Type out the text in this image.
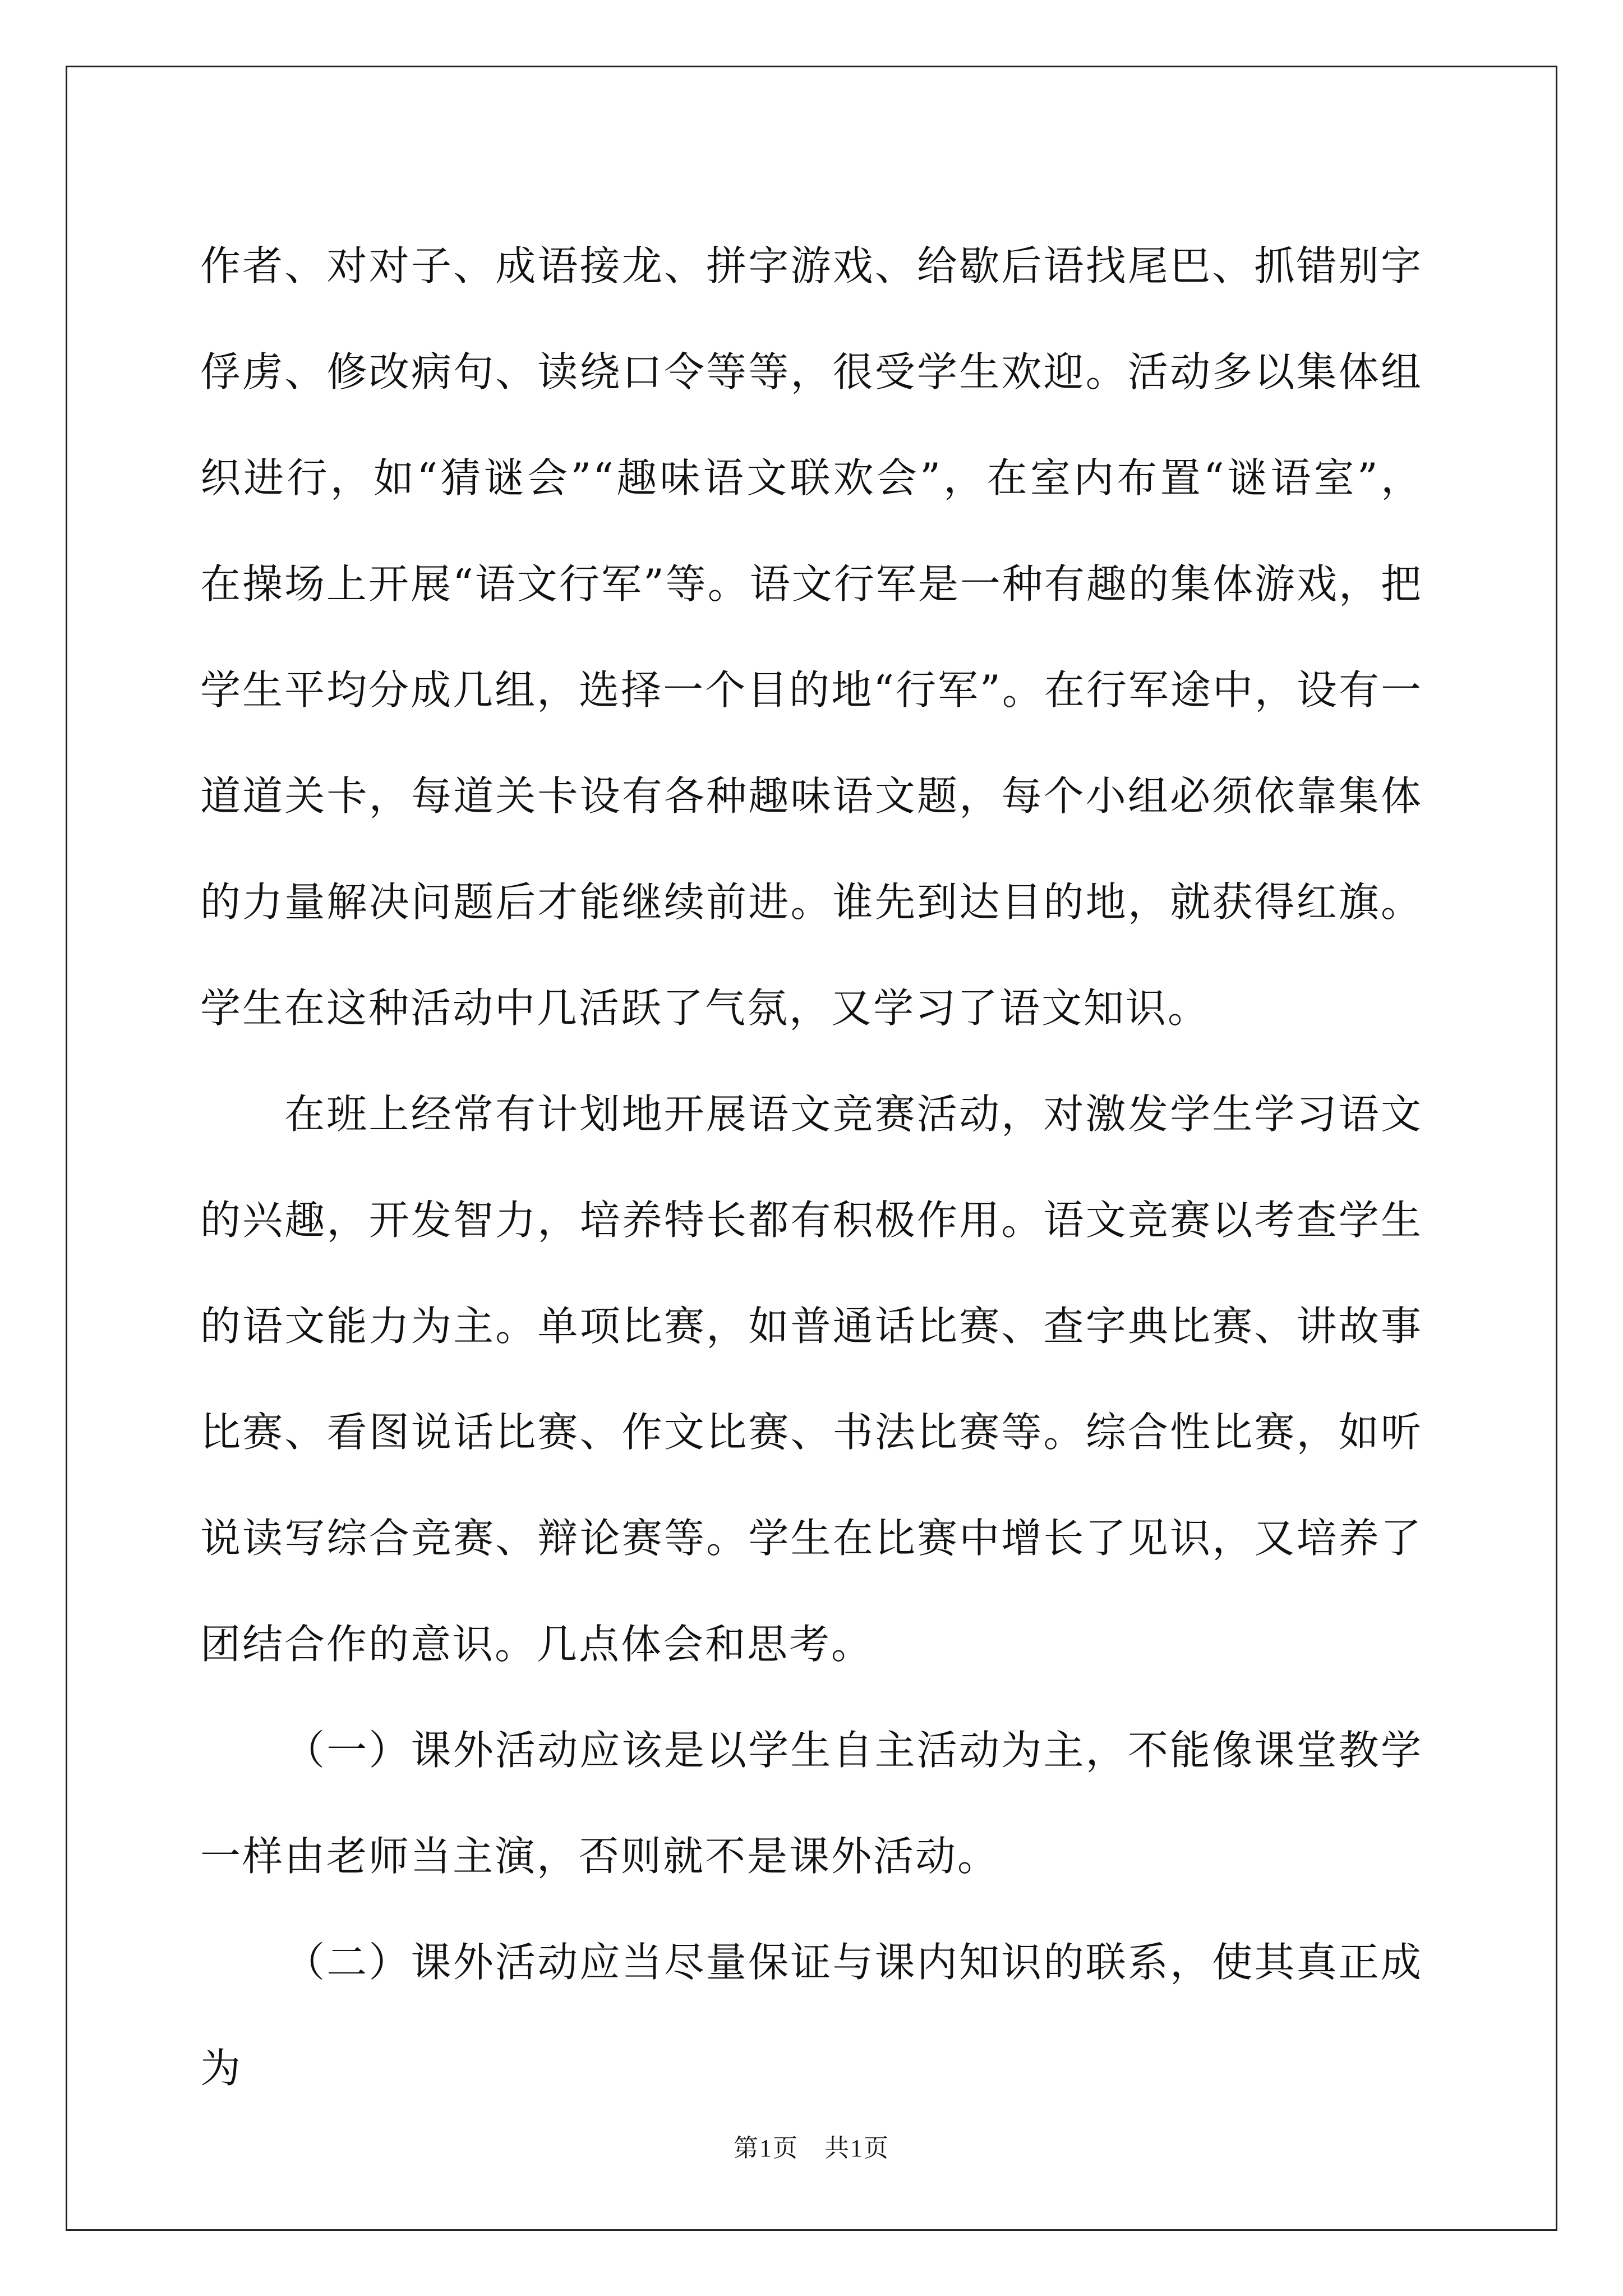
作者、对对子、成语接龙、拼字游戏、给歇后语找尾巴、抓错别字俘虏、修改病句、读绕口令等等，很受学生欢迎。活动多以集体组织进行，如“猜谜会”“趣味语文联欢会”，在室内布置“谜语室”，在操场上开展“语文行军”等。语文行军是一种有趣的集体游戏，把学生平均分成几组，选择一个目的地“行军”。在行军途中，设有一道道关卡，每道关卡设有各种趣味语文题，每个小组必须依靠集体的力量解决问题后才能继续前进。谁先到达目的地，就获得红旗。学生在这种活动中几活跃了气氛，又学习了语文知识。

在班上经常有计划地开展语文竞赛活动，对激发学生学习语文的兴趣，开发智力，培养特长都有积极作用。语文竞赛以考查学生的语文能力为主。单项比赛，如普通话比赛、查字典比赛、讲故事比赛、看图说话比赛、作文比赛、书法比赛等。综合性比赛，如听说读写综合竞赛、辩论赛等。学生在比赛中增长了见识，又培养了团结合作的意识。几点体会和思考。

（一）课外活动应该是以学生自主活动为主，不能像课堂教学一样由老师当主演，否则就不是课外活动。

（二）课外活动应当尽量保证与课内知识的联系，使其真正成为

第1页　共1页
